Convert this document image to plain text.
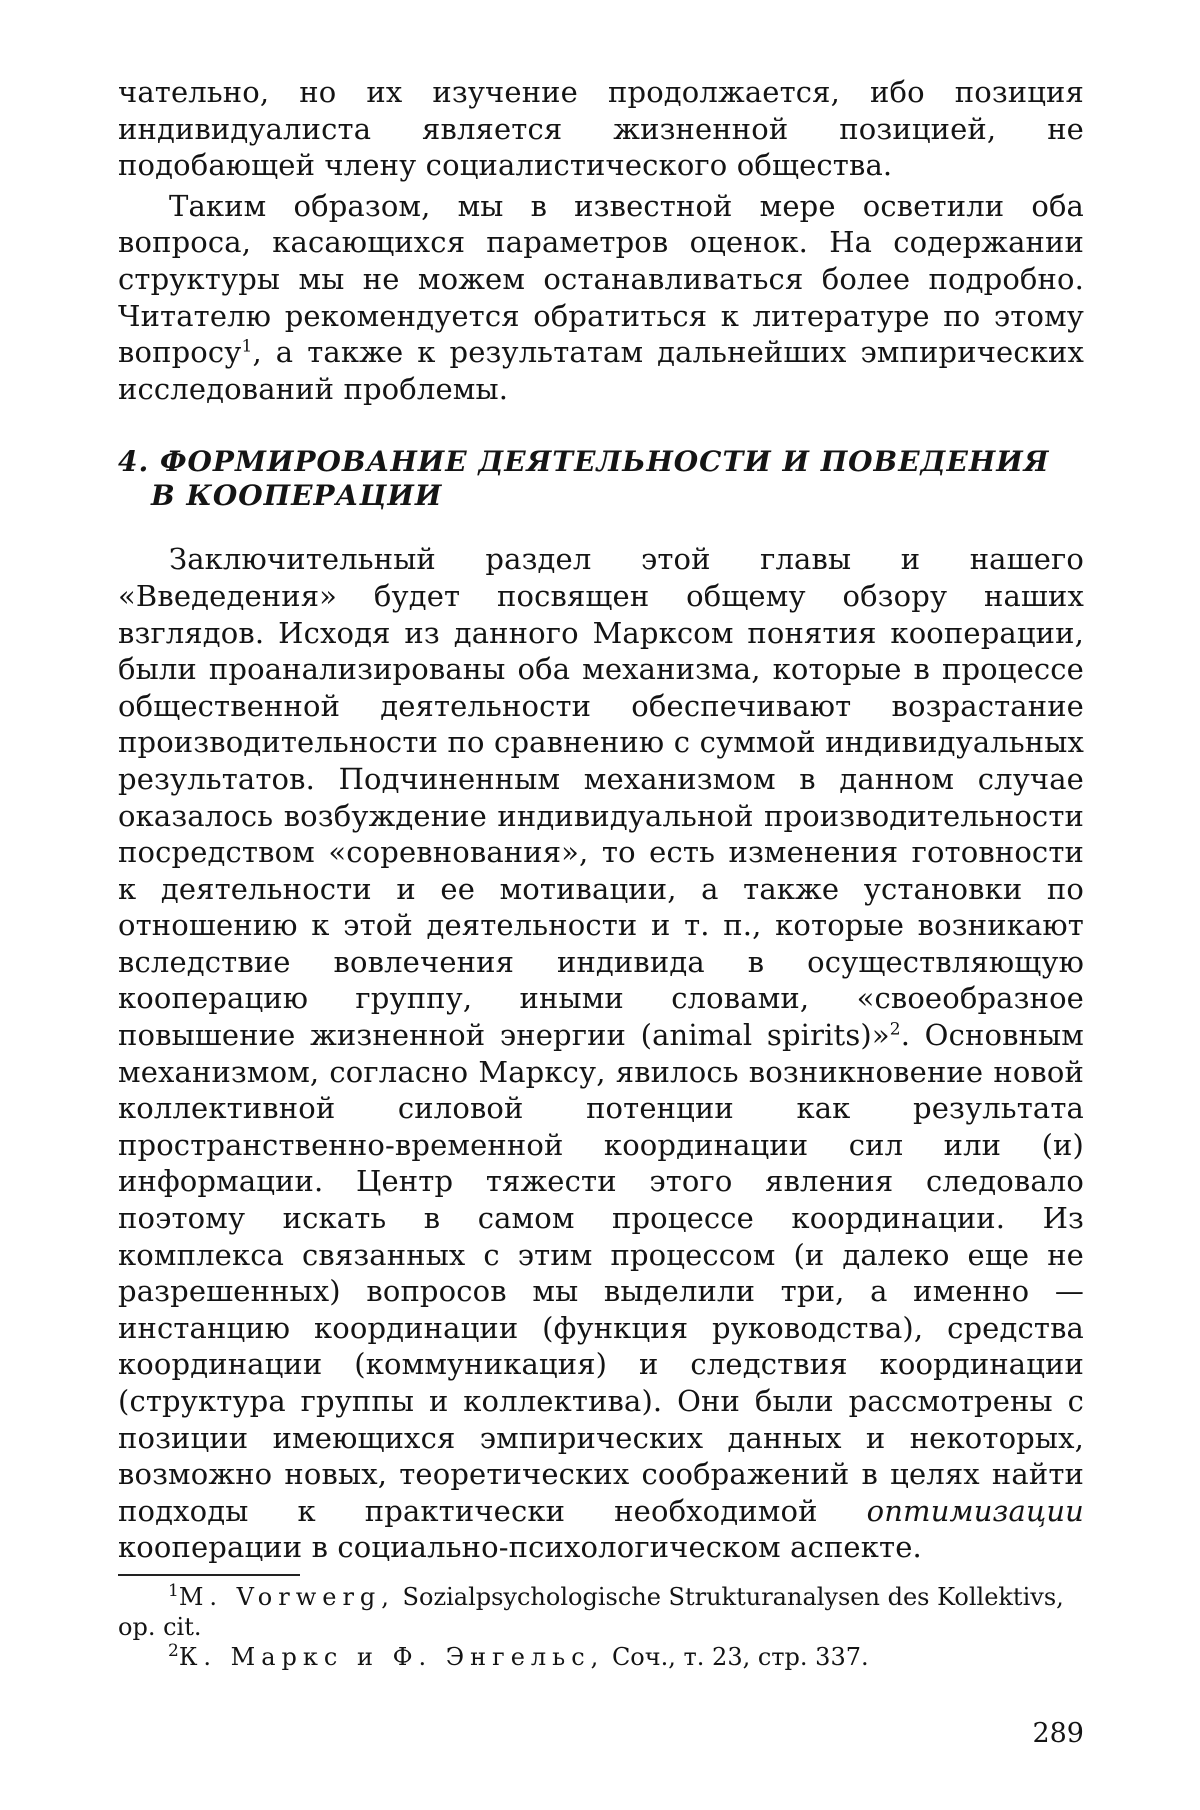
чательно, но их изучение продолжается, ибо позиция индивидуалиста является жизненной позицией, не подобающей члену социалистического общества.

Таким образом, мы в известной мере осветили оба вопроса, касающихся параметров оценок. На содержании структуры мы не можем останавливаться более подробно. Читателю рекомендуется обратиться к литературе по этому вопросу$^1$, а также к результатам дальнейших эмпирических исследований проблемы.

4. ФОРМИРОВАНИЕ ДЕЯТЕЛЬНОСТИ И ПОВЕДЕНИЯ
В КООПЕРАЦИИ

Заключительный раздел этой главы и нашего «Введедения» будет посвящен общему обзору наших взглядов. Исходя из данного Марксом понятия кооперации, были проанализированы оба механизма, которые в процессе общественной деятельности обеспечивают возрастание производительности по сравнению с суммой индивидуальных результатов. Подчиненным механизмом в данном случае оказалось возбуждение индивидуальной производительности посредством «соревнования», то есть изменения готовности к деятельности и ее мотивации, а также установки по отношению к этой деятельности и т. п., которые возникают вследствие вовлечения индивида в осуществляющую кооперацию группу, иными словами, «своеобразное повышение жизненной энергии (animal spirits)»$^2$. Основным механизмом, согласно Марксу, явилось возникновение новой коллективной силовой потенции как результата пространственно-временной координации сил или (и) информации. Центр тяжести этого явления следовало поэтому искать в самом процессе координации. Из комплекса связанных с этим процессом (и далеко еще не разрешенных) вопросов мы выделили три, а именно — инстанцию координации (функция руководства), средства координации (коммуникация) и следствия координации (структура группы и коллектива). Они были рассмотрены с позиции имеющихся эмпирических данных и некоторых, возможно новых, теоретических соображений в целях найти подходы к практически необходимой оптимизации кооперации в социально-психологическом аспекте.

$^1$M. Vorwerg, Sozialpsychologische Strukturanalysen des Kollektivs, op. cit.

$^2$К. Маркс и Ф. Энгельс, Соч., т. 23, стр. 337.

289
